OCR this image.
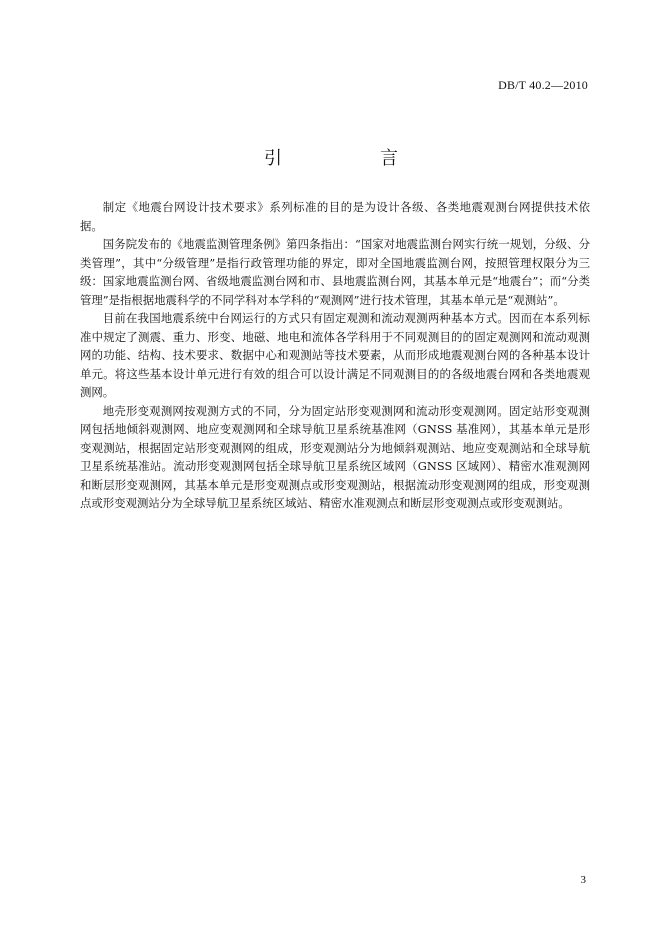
DB/T 40.2—2010
引　言

制定《地震台网设计技术要求》系列标准的目的是为设计各级、各类地震观测台网提供技术依据。

国务院发布的《地震监测管理条例》第四条指出：“国家对地震监测台网实行统一规划，分级、分类管理”，其中“分级管理”是指行政管理功能的界定，即对全国地震监测台网，按照管理权限分为三级：国家地震监测台网、省级地震监测台网和市、县地震监测台网，其基本单元是“地震台”；而“分类管理”是指根据地震科学的不同学科对本学科的“观测网”进行技术管理，其基本单元是“观测站”。

目前在我国地震系统中台网运行的方式只有固定观测和流动观测两种基本方式。因而在本系列标准中规定了测震、重力、形变、地磁、地电和流体各学科用于不同观测目的的固定观测网和流动观测网的功能、结构、技术要求、数据中心和观测站等技术要素，从而形成地震观测台网的各种基本设计单元。将这些基本设计单元进行有效的组合可以设计满足不同观测目的的各级地震台网和各类地震观测网。

地壳形变观测网按观测方式的不同，分为固定站形变观测网和流动形变观测网。固定站形变观测网包括地倾斜观测网、地应变观测网和全球导航卫星系统基准网（GNSS 基准网），其基本单元是形变观测站，根据固定站形变观测网的组成，形变观测站分为地倾斜观测站、地应变观测站和全球导航卫星系统基准站。流动形变观测网包括全球导航卫星系统区域网（GNSS 区域网）、精密水准观测网和断层形变观测网，其基本单元是形变观测点或形变观测站，根据流动形变观测网的组成，形变观测点或形变观测站分为全球导航卫星系统区域站、精密水准观测点和断层形变观测点或形变观测站。

3
